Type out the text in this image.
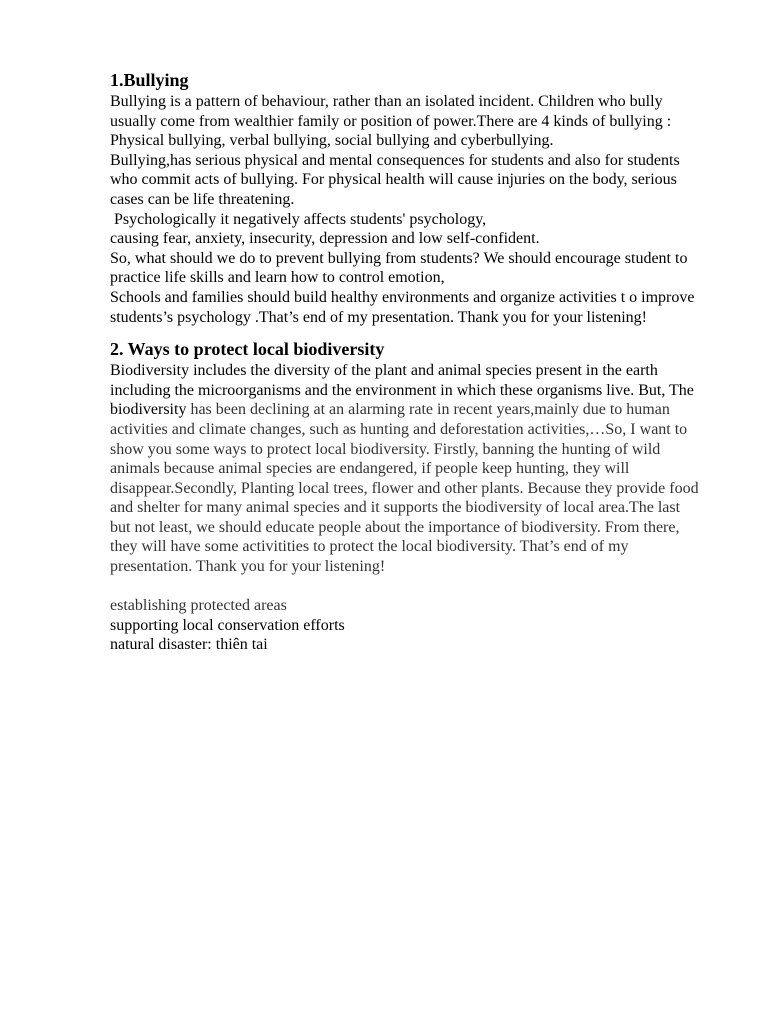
1.Bullying

Bullying is a pattern of behaviour, rather than an isolated incident. Children who bully usually come from wealthier family or position of power.There are 4 kinds of bullying : Physical bullying, verbal bullying, social bullying and cyberbullying.

Bullying,has serious physical and mental consequences for students and also for students who commit acts of bullying. For physical health will cause injuries on the body, serious cases can be life threatening.

Psychologically it negatively affects students' psychology,

causing fear, anxiety, insecurity, depression and low self-confident.

So, what should we do to prevent bullying from students? We should encourage student to practice life skills and learn how to control emotion,

Schools and families should build healthy environments and organize activities t o improve students’s psychology .That’s end of my presentation. Thank you for your listening!

2. Ways to protect local biodiversity

Biodiversity includes the diversity of the plant and animal species present in the earth including the microorganisms and the environment in which these organisms live. But, The biodiversity has been declining at an alarming rate in recent years,mainly due to human activities and climate changes, such as hunting and deforestation activities,…So, I want to show you some ways to protect local biodiversity. Firstly, banning the hunting of wild animals because animal species are endangered, if people keep hunting, they will disappear.Secondly, Planting local trees, flower and other plants. Because they provide food and shelter for many animal species and it supports the biodiversity of local area.The last but not least, we should educate people about the importance of biodiversity. From there, they will have some activitities to protect the local biodiversity. That’s end of my presentation. Thank you for your listening!

establishing protected areas

supporting local conservation efforts

natural disaster: thiên tai
